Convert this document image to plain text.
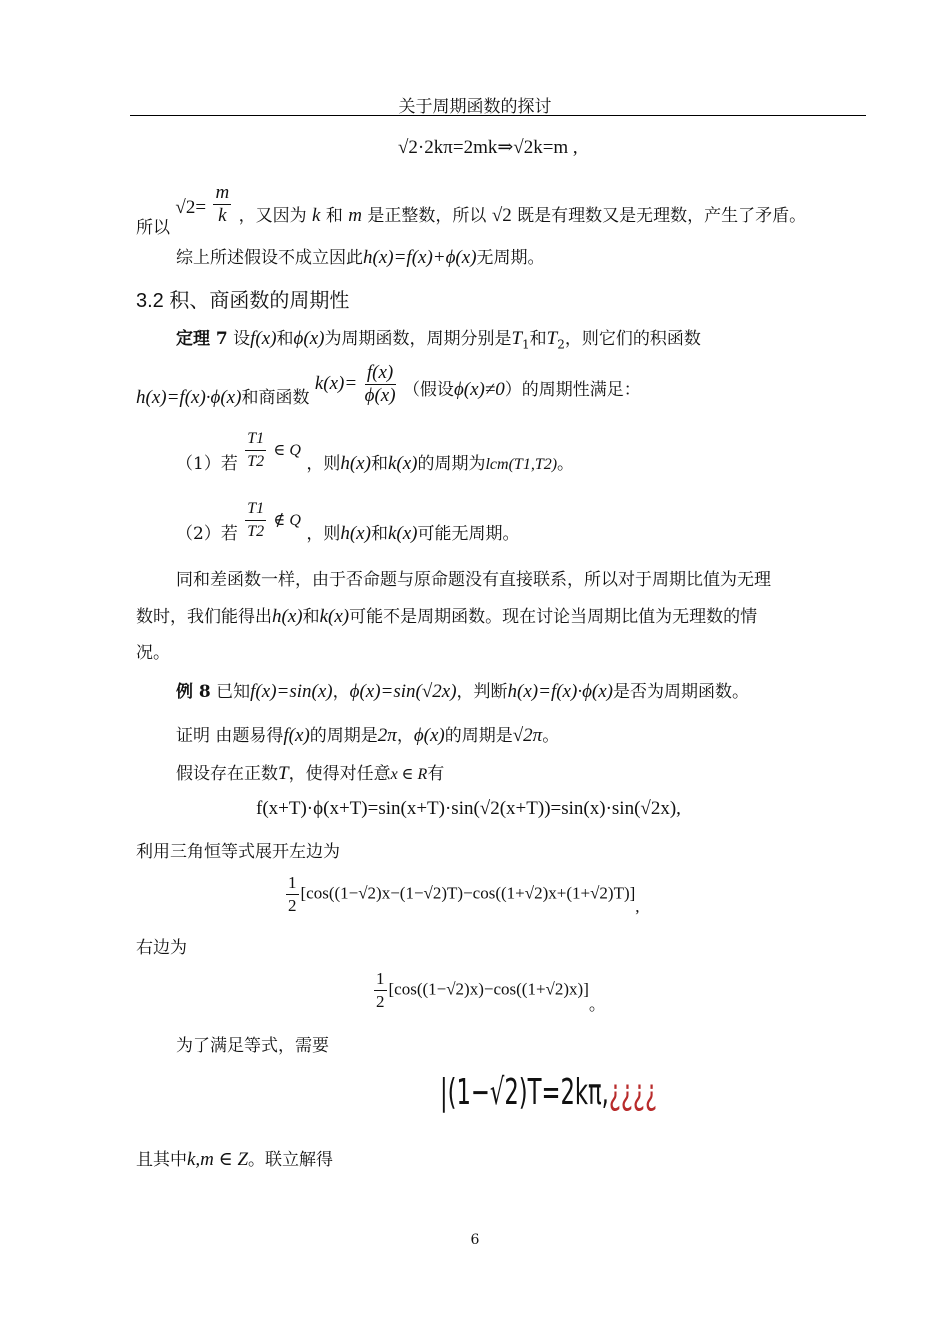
关于周期函数的探讨
√2·2kπ=2mk⇒√2k=m ,
所以 $√2= \frac{m}{k}$ ，又因为 k 和 m 是正整数，所以 √2 既是有理数又是无理数，产生了矛盾。
综上所述假设不成立因此h(x)=f(x)+ϕ(x)无周期。
3.2 积、商函数的周期性
定理 7 设f(x)和ϕ(x)为周期函数，周期分别是$T_1$和$T_2$，则它们的积函数
h(x)=f(x)·ϕ(x)和商函数 $k(x)= \frac{f(x)}{\phi(x)}$ （假设ϕ(x)≠0）的周期性满足：
（1）若 $\frac{T1}{T2}$ ∈ Q ，则h(x)和k(x)的周期为lcm(T1,T2)。
（2）若 $\frac{T1}{T2}$ ∉ Q ，则h(x)和k(x)可能无周期。
同和差函数一样，由于否命题与原命题没有直接联系，所以对于周期比值为无理
数时，我们能得出h(x)和k(x)可能不是周期函数。现在讨论当周期比值为无理数的情
况。
例 8 已知f(x)=sin(x)，ϕ(x)=sin(√2x)，判断h(x)=f(x)·ϕ(x)是否为周期函数。
证明 由题易得f(x)的周期是2π，ϕ(x)的周期是√2π。
假设存在正数T，使得对任意x ∈ R有
f(x+T)·ϕ(x+T)=sin(x+T)·sin(√2(x+T))=sin(x)·sin(√2x),
利用三角恒等式展开左边为
$\frac{1}{2} [\cos((1-√2)x-(1-√2)T)-\cos((1+√2)x+(1+√2)T)]$,
右边为
$\frac{1}{2} [\cos((1-√2)x)-\cos((1+√2)x)]$。
为了满足等式，需要
|(1−√2)T=2kπ,¿¿¿¿
且其中k,m ∈ Z。联立解得
6
